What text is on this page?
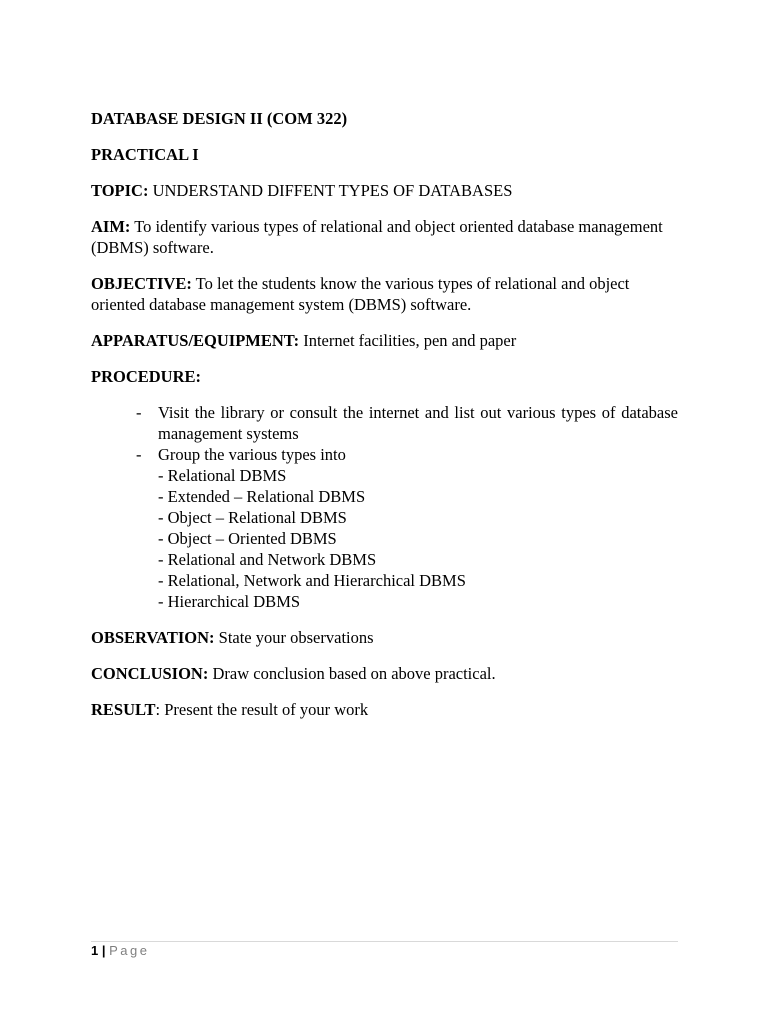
DATABASE DESIGN II (COM 322)

PRACTICAL I

TOPIC: UNDERSTAND DIFFENT TYPES OF DATABASES

AIM: To identify various types of relational and object oriented database management (DBMS) software.

OBJECTIVE: To let the students know the various types of relational and object oriented database management system (DBMS) software.

APPARATUS/EQUIPMENT: Internet facilities, pen and paper

PROCEDURE:

- Visit the library or consult the internet and list out various types of database management systems
- Group the various types into
- Relational DBMS
- Extended – Relational DBMS
- Object – Relational DBMS
- Object – Oriented DBMS
- Relational and Network DBMS
- Relational, Network and Hierarchical DBMS
- Hierarchical DBMS

OBSERVATION: State your observations

CONCLUSION: Draw conclusion based on above practical.

RESULT: Present the result of your work

1 | Page
